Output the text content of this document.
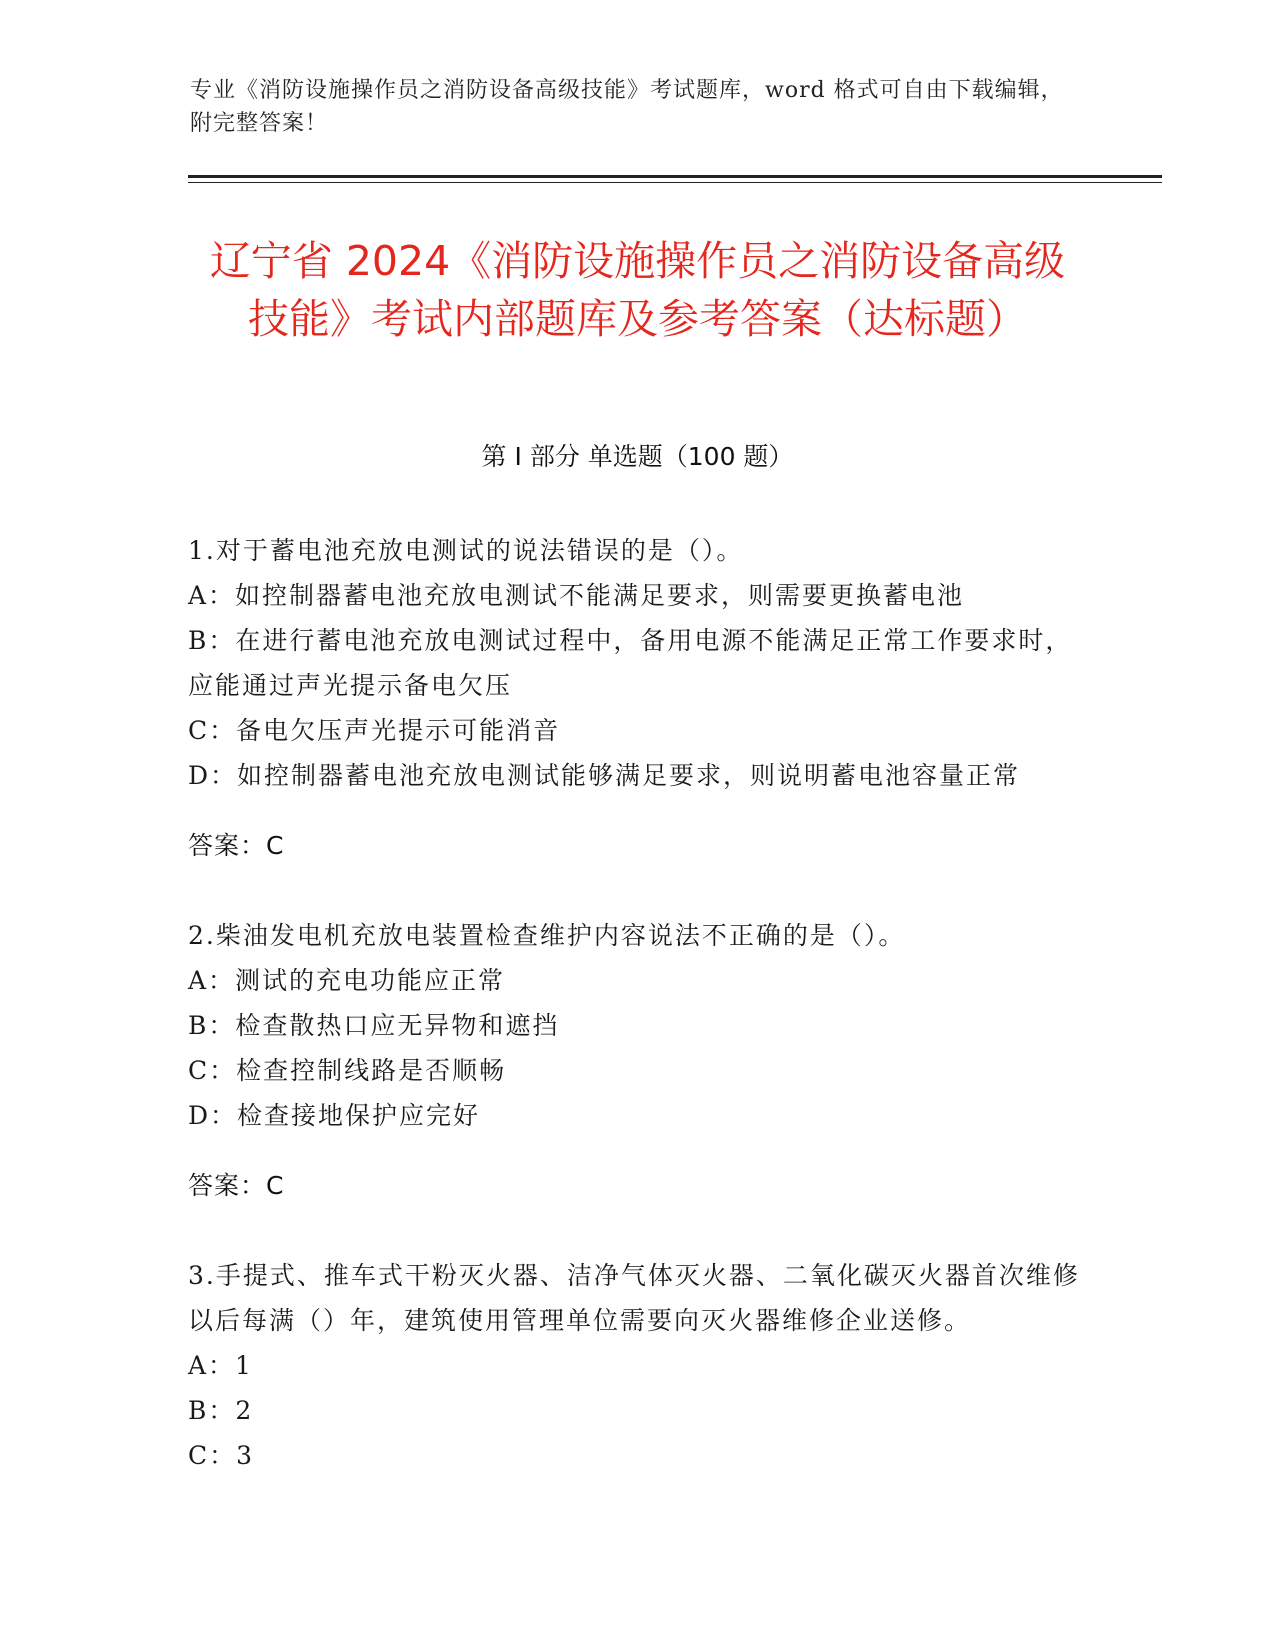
专业《消防设施操作员之消防设备高级技能》考试题库，word 格式可自由下载编辑，附完整答案！
辽宁省 2024《消防设施操作员之消防设备高级技能》考试内部题库及参考答案（达标题）
第 I 部分 单选题（100 题）

1.对于蓄电池充放电测试的说法错误的是（）。

A：如控制器蓄电池充放电测试不能满足要求，则需要更换蓄电池

B：在进行蓄电池充放电测试过程中，备用电源不能满足正常工作要求时，应能通过声光提示备电欠压

C：备电欠压声光提示可能消音

D：如控制器蓄电池充放电测试能够满足要求，则说明蓄电池容量正常

答案：C

2.柴油发电机充放电装置检查维护内容说法不正确的是（）。

A：测试的充电功能应正常

B：检查散热口应无异物和遮挡

C：检查控制线路是否顺畅

D：检查接地保护应完好

答案：C

3.手提式、推车式干粉灭火器、洁净气体灭火器、二氧化碳灭火器首次维修以后每满（）年，建筑使用管理单位需要向灭火器维修企业送修。

A：1

B：2

C：3
